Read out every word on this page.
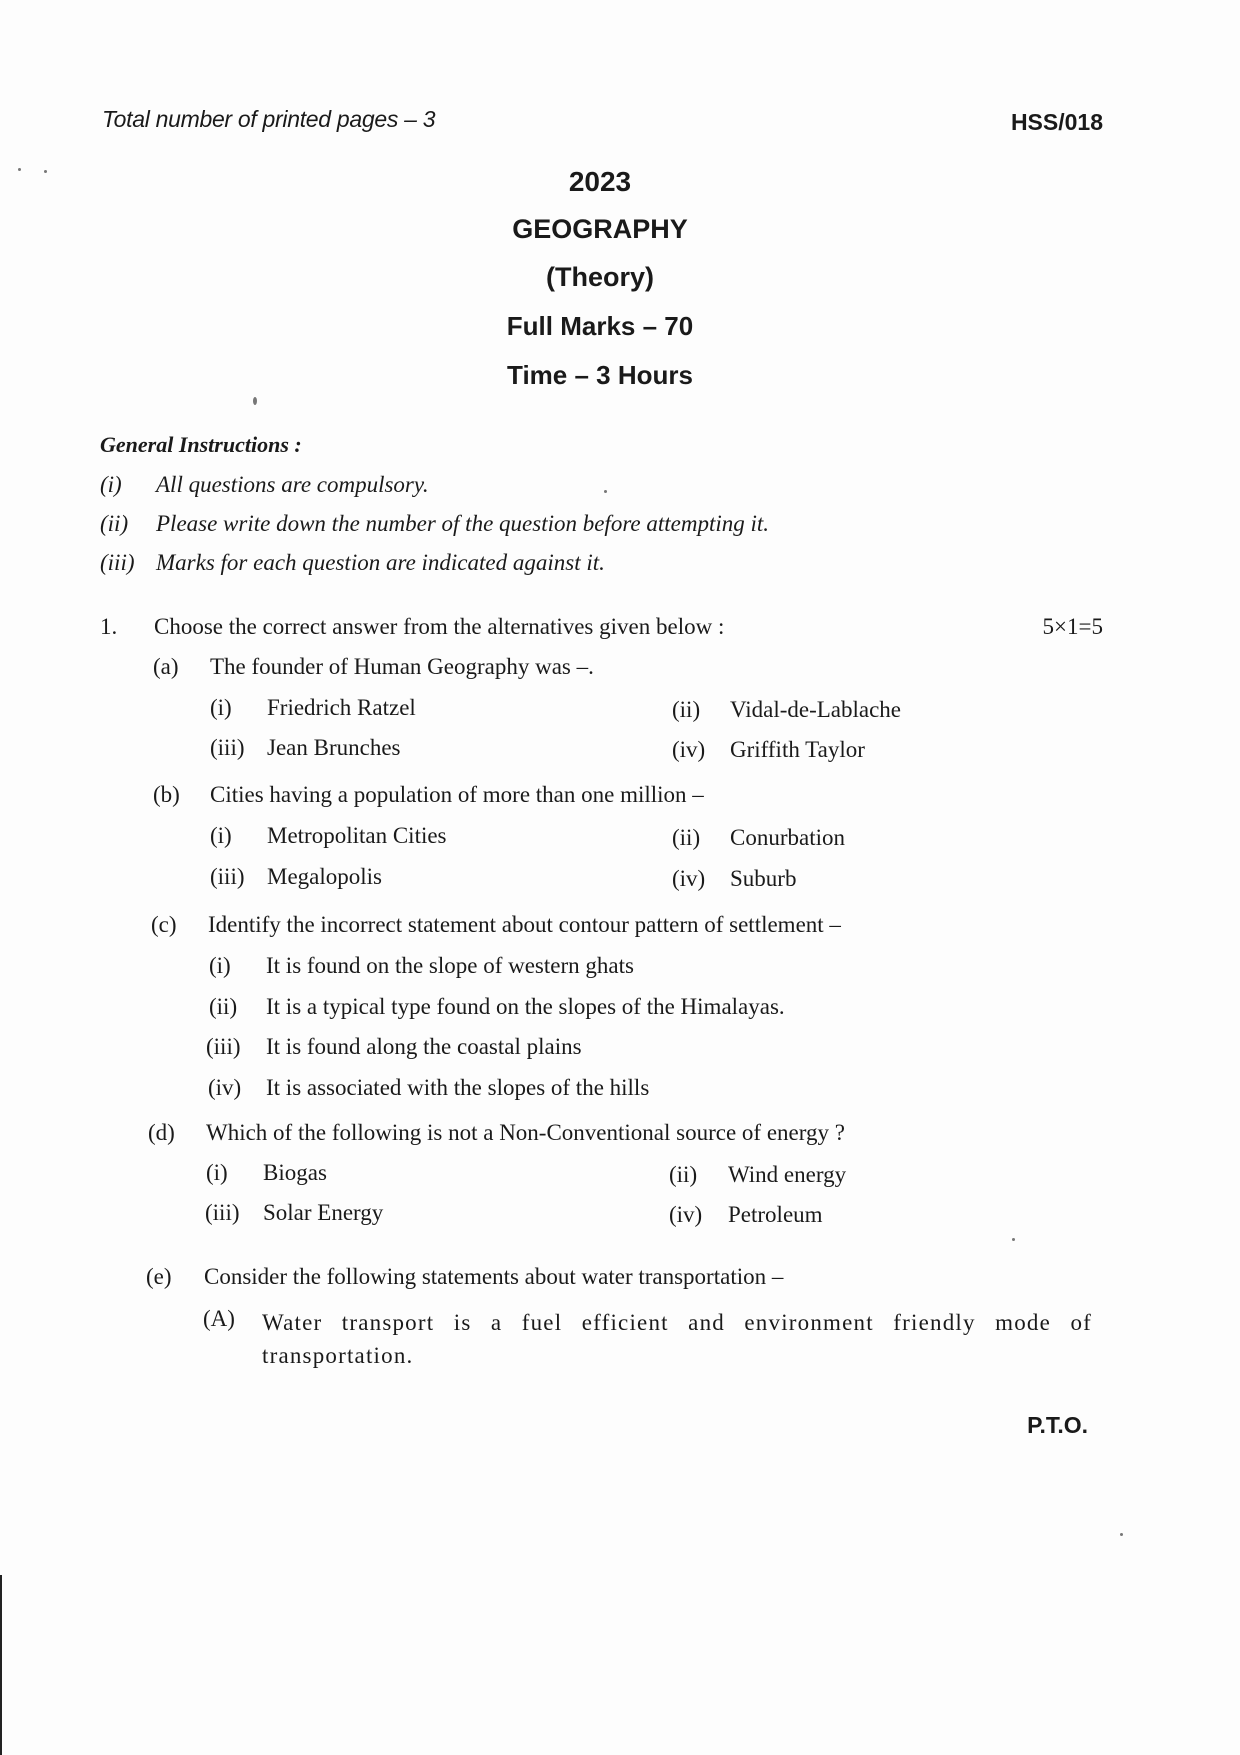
Total number of printed pages – 3	HSS/018
2023
GEOGRAPHY
(Theory)
Full Marks – 70
Time – 3 Hours
General Instructions :
(i) All questions are compulsory.
(ii) Please write down the number of the question before attempting it.
(iii) Marks for each question are indicated against it.
1. Choose the correct answer from the alternatives given below :	5×1=5
(a) The founder of Human Geography was –.
(i) Friedrich Ratzel	(ii) Vidal-de-Lablache
(iii) Jean Brunches	(iv) Griffith Taylor
(b) Cities having a population of more than one million –
(i) Metropolitan Cities	(ii) Conurbation
(iii) Megalopolis	(iv) Suburb
(c) Identify the incorrect statement about contour pattern of settlement –
(i) It is found on the slope of western ghats
(ii) It is a typical type found on the slopes of the Himalayas.
(iii) It is found along the coastal plains
(iv) It is associated with the slopes of the hills
(d) Which of the following is not a Non-Conventional source of energy ?
(i) Biogas	(ii) Wind energy
(iii) Solar Energy	(iv) Petroleum
(e) Consider the following statements about water transportation –
(A) Water transport is a fuel efficient and environment friendly mode of transportation.
P.T.O.
